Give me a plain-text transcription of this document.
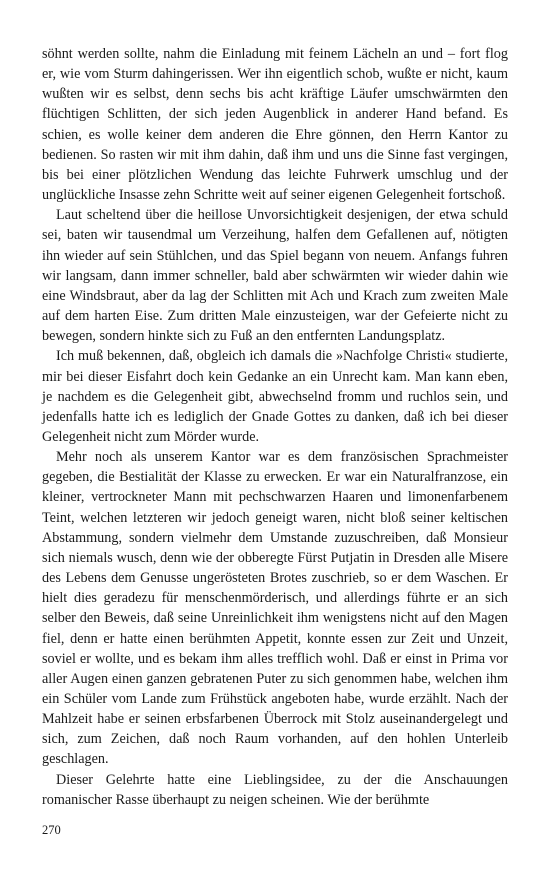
söhnt werden sollte, nahm die Einladung mit feinem Lächeln an und – fort flog er, wie vom Sturm dahingerissen. Wer ihn eigentlich schob, wußte er nicht, kaum wußten wir es selbst, denn sechs bis acht kräftige Läufer umschwärmten den flüchtigen Schlitten, der sich jeden Augenblick in anderer Hand befand. Es schien, es wolle keiner dem anderen die Ehre gönnen, den Herrn Kantor zu bedienen. So rasten wir mit ihm dahin, daß ihm und uns die Sinne fast vergingen, bis bei einer plötzlichen Wendung das leichte Fuhrwerk umschlug und der unglückliche Insasse zehn Schritte weit auf seiner eigenen Gelegenheit fortschoß.

Laut scheltend über die heillose Unvorsichtigkeit desjenigen, der etwa schuld sei, baten wir tausendmal um Verzeihung, halfen dem Gefallenen auf, nötigten ihn wieder auf sein Stühlchen, und das Spiel begann von neuem. Anfangs fuhren wir langsam, dann immer schneller, bald aber schwärmten wir wieder dahin wie eine Windsbraut, aber da lag der Schlitten mit Ach und Krach zum zweiten Male auf dem harten Eise. Zum dritten Male einzusteigen, war der Gefeierte nicht zu bewegen, sondern hinkte sich zu Fuß an den entfernten Landungsplatz.

Ich muß bekennen, daß, obgleich ich damals die »Nachfolge Christi« studierte, mir bei dieser Eisfahrt doch kein Gedanke an ein Unrecht kam. Man kann eben, je nachdem es die Gelegenheit gibt, abwechselnd fromm und ruchlos sein, und jedenfalls hatte ich es lediglich der Gnade Gottes zu danken, daß ich bei dieser Gelegenheit nicht zum Mörder wurde.

Mehr noch als unserem Kantor war es dem französischen Sprachmeister gegeben, die Bestialität der Klasse zu erwecken. Er war ein Naturalfranzose, ein kleiner, vertrockneter Mann mit pechschwarzen Haaren und limonenfarbenem Teint, welchen letzteren wir jedoch geneigt waren, nicht bloß seiner keltischen Abstammung, sondern vielmehr dem Umstande zuzuschreiben, daß Monsieur sich niemals wusch, denn wie der obberegte Fürst Putjatin in Dresden alle Misere des Lebens dem Genusse ungerösteten Brotes zuschrieb, so er dem Waschen. Er hielt dies geradezu für menschenmörderisch, und allerdings führte er an sich selber den Beweis, daß seine Unreinlichkeit ihm wenigstens nicht auf den Magen fiel, denn er hatte einen berühmten Appetit, konnte essen zur Zeit und Unzeit, soviel er wollte, und es bekam ihm alles trefflich wohl. Daß er einst in Prima vor aller Augen einen ganzen gebratenen Puter zu sich genommen habe, welchen ihm ein Schüler vom Lande zum Frühstück angeboten habe, wurde erzählt. Nach der Mahlzeit habe er seinen erbsfarbenen Überrock mit Stolz auseinandergelegt und sich, zum Zeichen, daß noch Raum vorhanden, auf den hohlen Unterleib geschlagen.

Dieser Gelehrte hatte eine Lieblingsidee, zu der die Anschauungen romanischer Rasse überhaupt zu neigen scheinen. Wie der berühmte

270
